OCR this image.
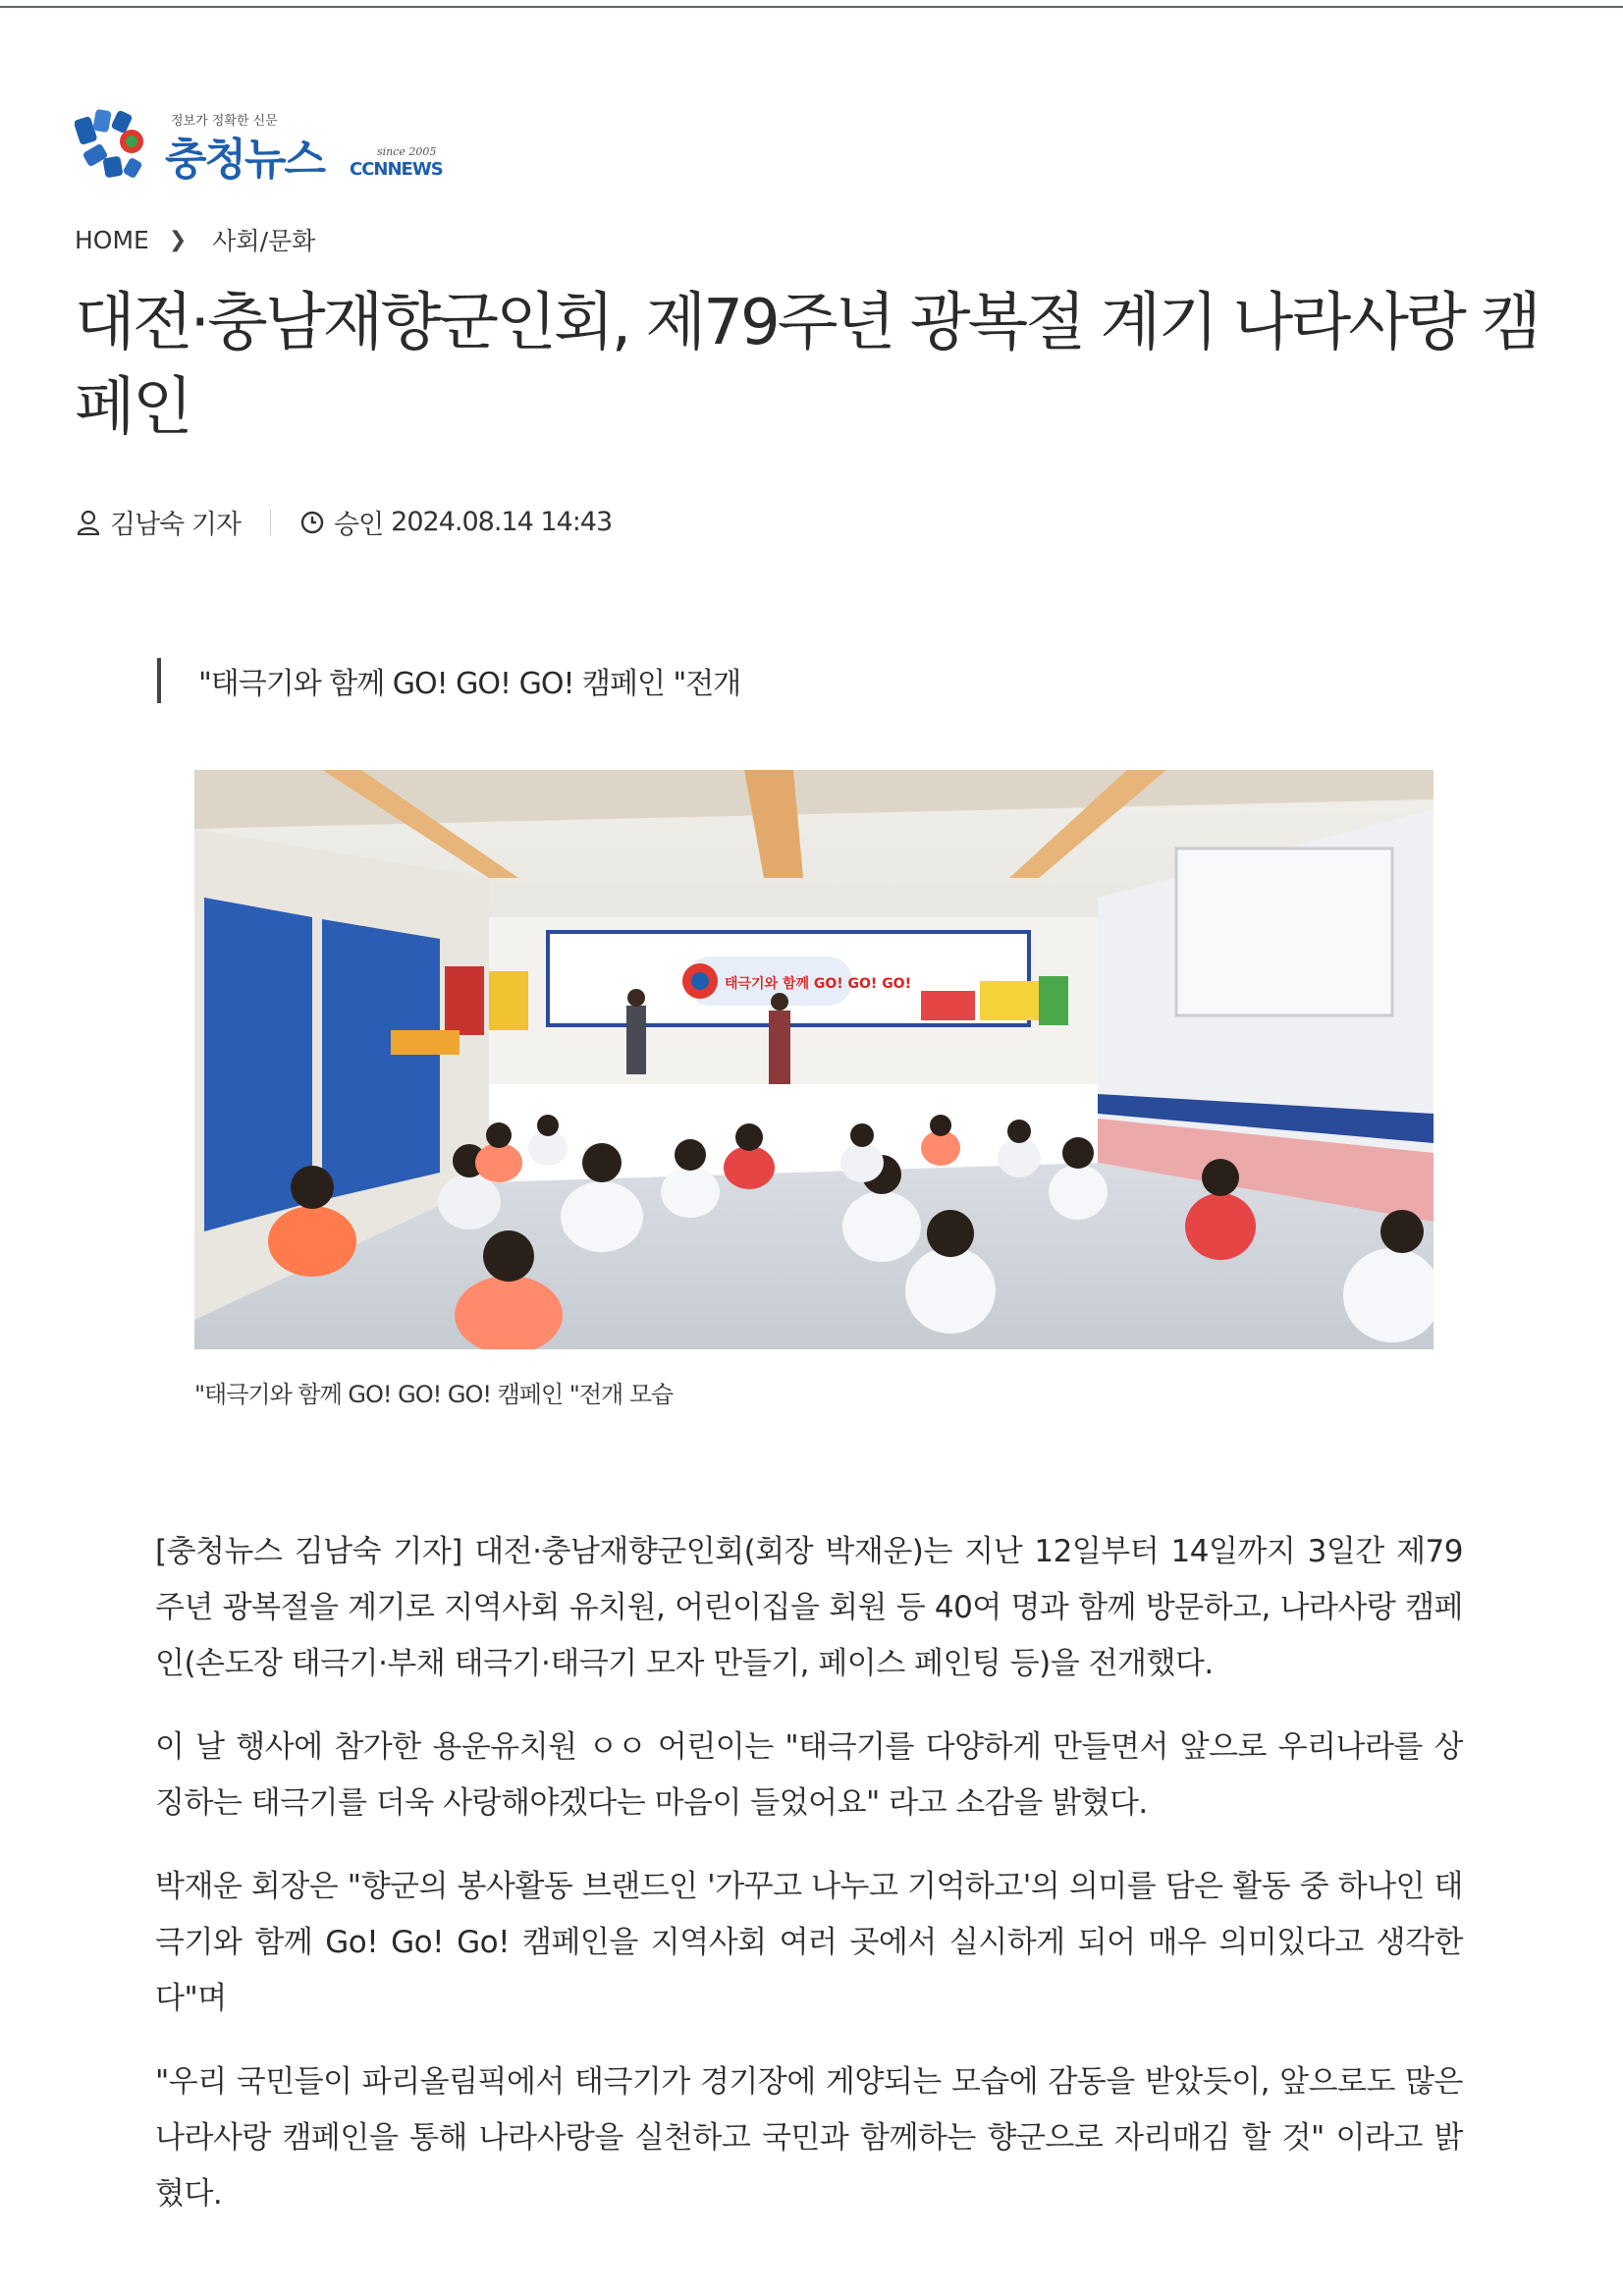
정보가 정확한 신문
충청뉴스	since 2005
CCNNEWS
HOME ❯ 사회/문화
대전·충남재향군인회, 제79주년 광복절 계기 나라사랑 캠페인
김남숙 기자	승인 2024.08.14 14:43
"태극기와 함께 GO! GO! GO! 캠페인 "전개
태극기와 함께 GO! GO! GO!
"태극기와 함께 GO! GO! GO! 캠페인 "전개 모습

[충청뉴스 김남숙 기자] 대전·충남재향군인회(회장 박재운)는 지난 12일부터 14일까지 3일간 제79주년 광복절을 계기로 지역사회 유치원, 어린이집을 회원 등 40여 명과 함께 방문하고, 나라사랑 캠페인(손도장 태극기·부채 태극기·태극기 모자 만들기, 페이스 페인팅 등)을 전개했다.

이 날 행사에 참가한 용운유치원 ㅇㅇ 어린이는 "태극기를 다양하게 만들면서 앞으로 우리나라를 상징하는 태극기를 더욱 사랑해야겠다는 마음이 들었어요" 라고 소감을 밝혔다.

박재운 회장은 "향군의 봉사활동 브랜드인 '가꾸고 나누고 기억하고'의 의미를 담은 활동 중 하나인 태극기와 함께 Go! Go! Go! 캠페인을 지역사회 여러 곳에서 실시하게 되어 매우 의미있다고 생각한다"며

"우리 국민들이 파리올림픽에서 태극기가 경기장에 게양되는 모습에 감동을 받았듯이, 앞으로도 많은 나라사랑 캠페인을 통해 나라사랑을 실천하고 국민과 함께하는 향군으로 자리매김 할 것" 이라고 밝혔다.
